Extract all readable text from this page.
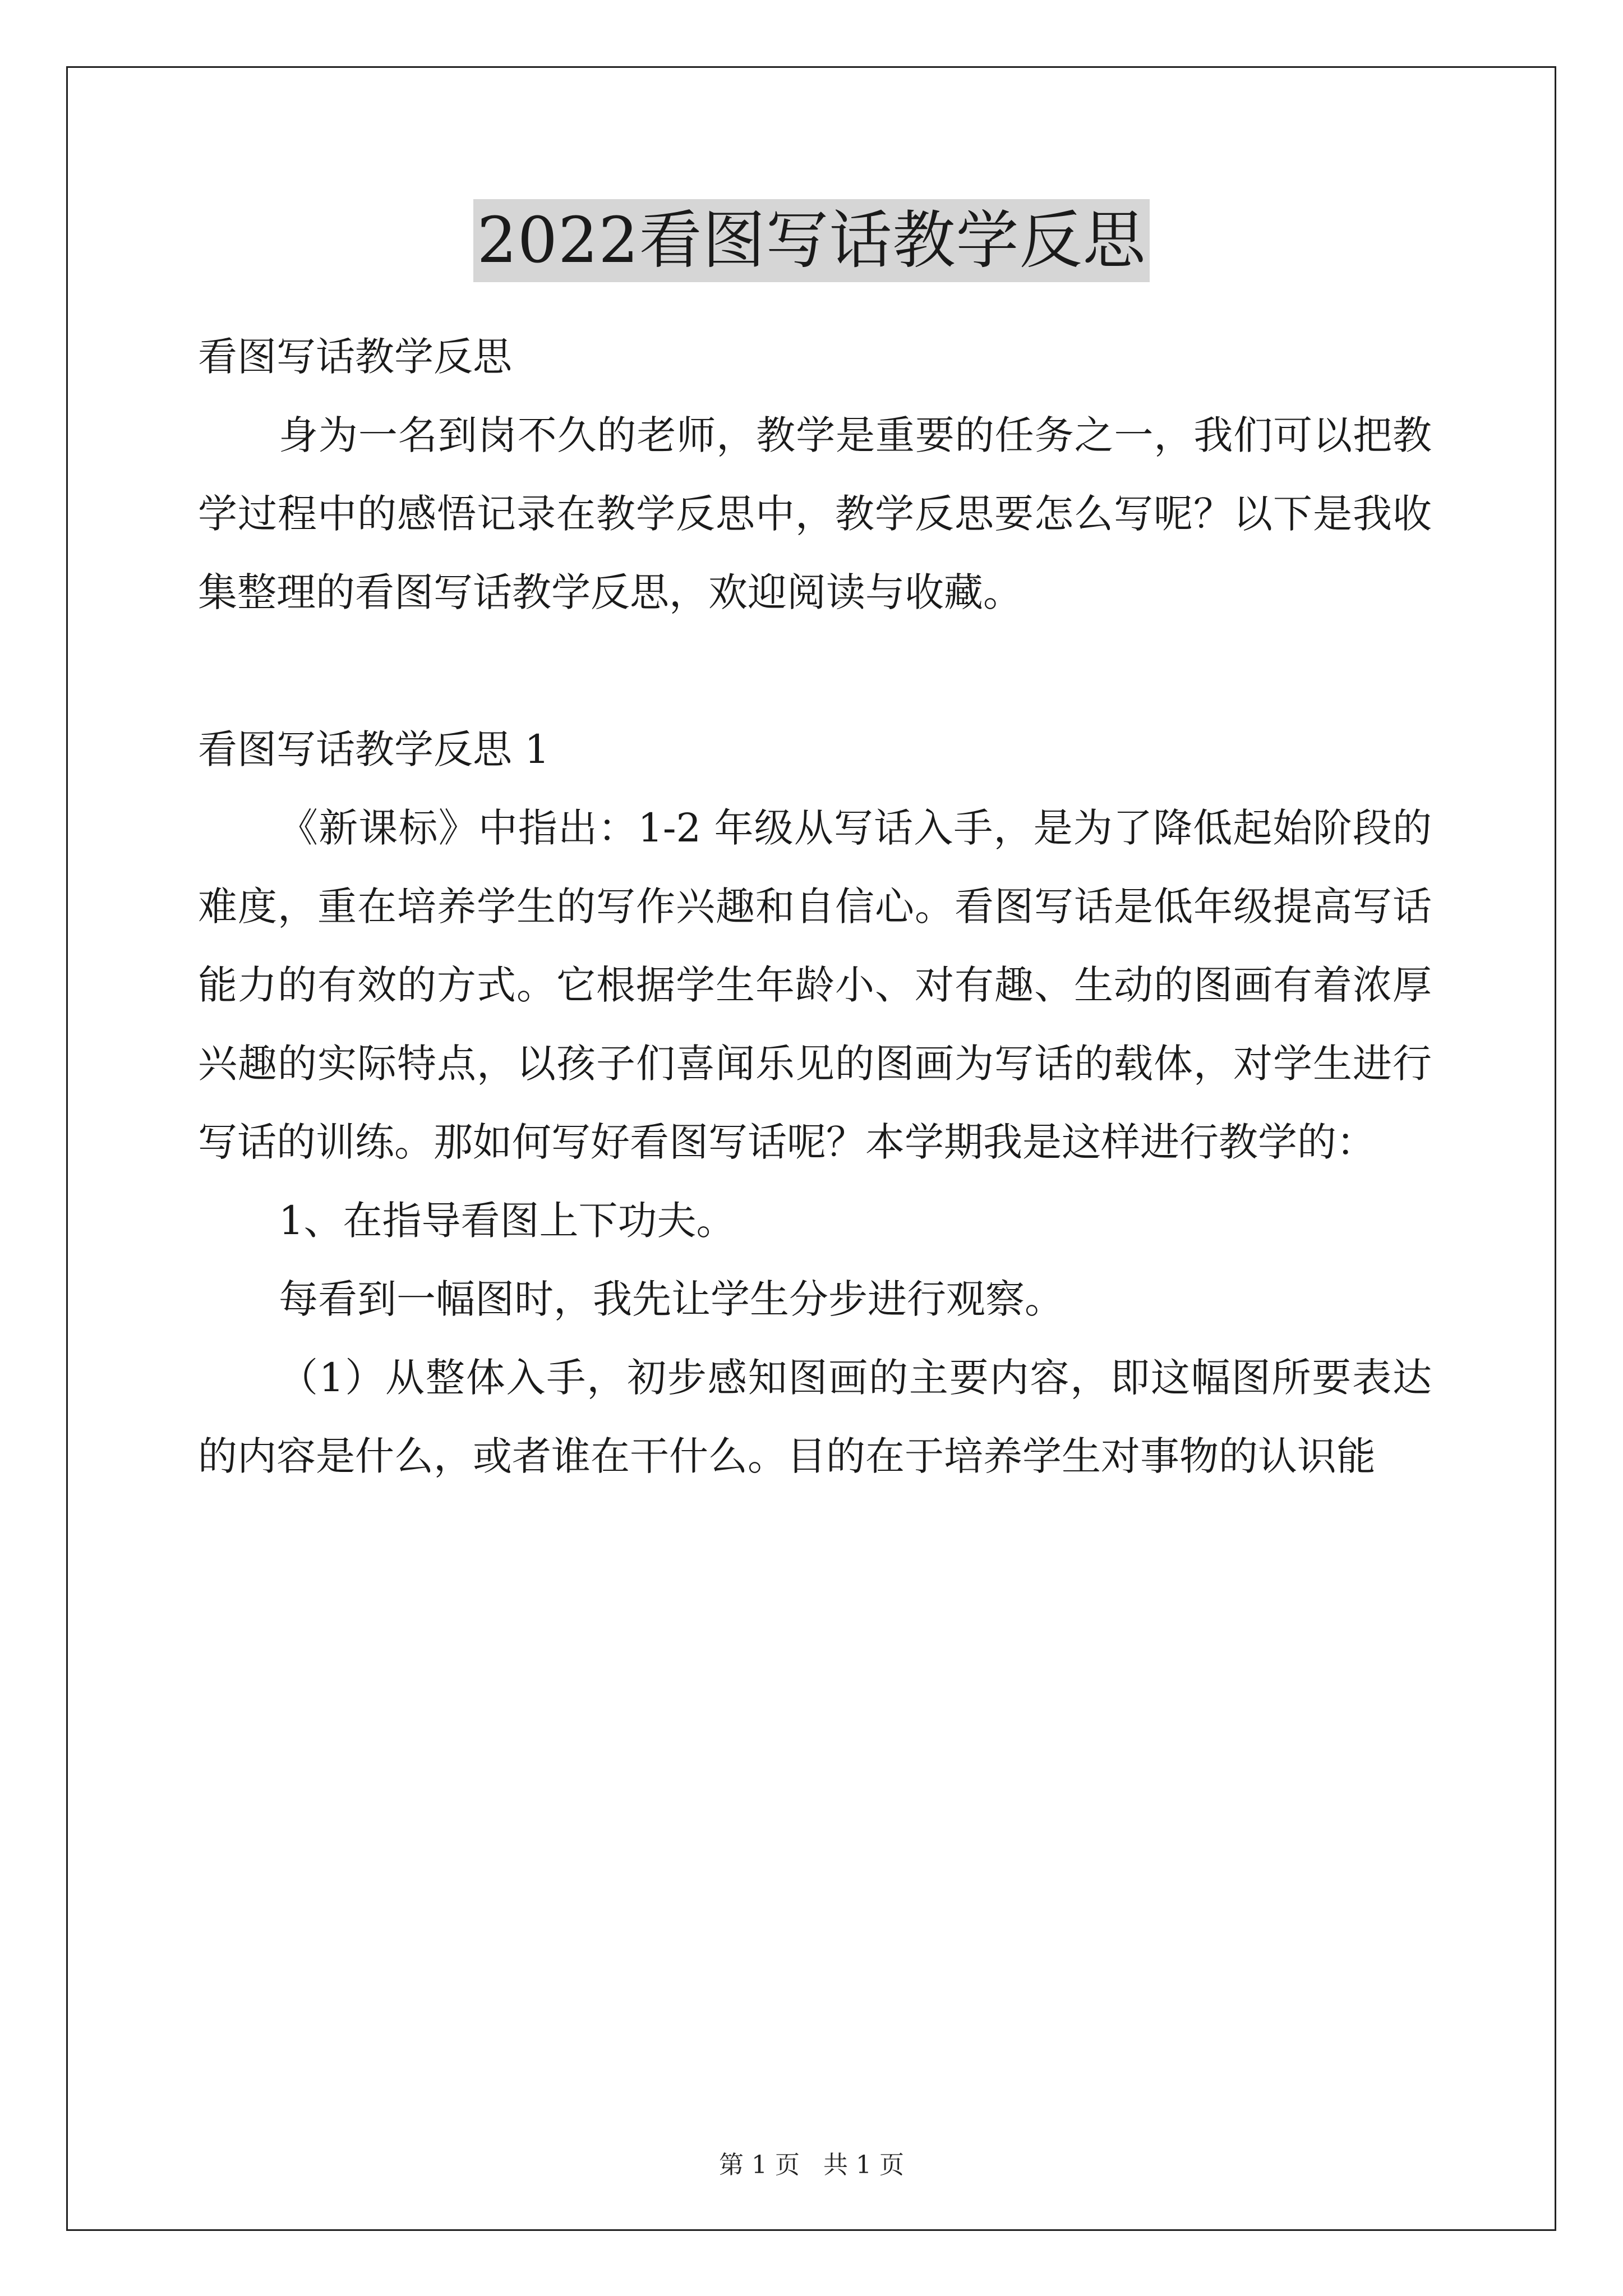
2022看图写话教学反思

看图写话教学反思

身为一名到岗不久的老师，教学是重要的任务之一，我们可以把教学过程中的感悟记录在教学反思中，教学反思要怎么写呢？以下是我收集整理的看图写话教学反思，欢迎阅读与收藏。

看图写话教学反思 1

《新课标》中指出：1-2 年级从写话入手，是为了降低起始阶段的难度，重在培养学生的写作兴趣和自信心。看图写话是低年级提高写话能力的有效的方式。它根据学生年龄小、对有趣、生动的图画有着浓厚兴趣的实际特点，以孩子们喜闻乐见的图画为写话的载体，对学生进行写话的训练。那如何写好看图写话呢？本学期我是这样进行教学的：

1、在指导看图上下功夫。

每看到一幅图时，我先让学生分步进行观察。

（1）从整体入手，初步感知图画的主要内容，即这幅图所要表达的内容是什么，或者谁在干什么。目的在于培养学生对事物的认识能

第 1 页 共 1 页
